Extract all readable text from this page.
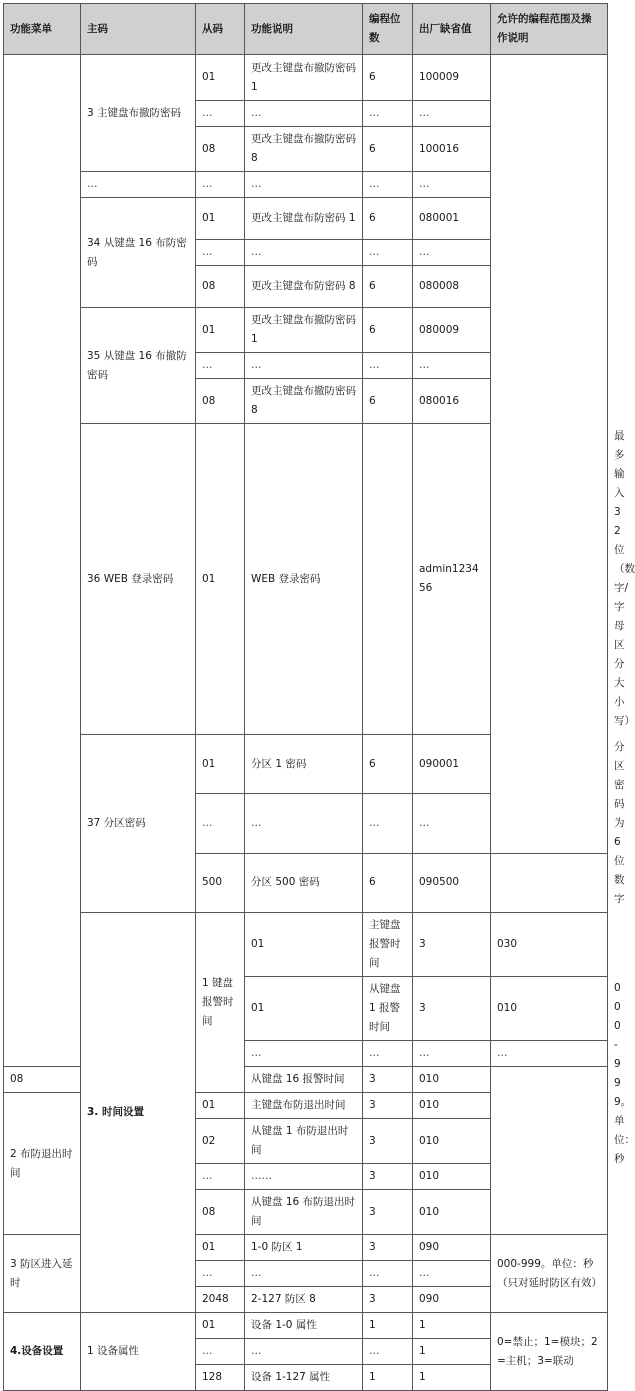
功能菜单	主码	从码	功能说明	编程位数	出厂缺省值	允许的编程范围及操作说明	
	3 主键盘布撤防密码	01	更改主键盘布撤防密码 1	6	100009		
		…	…	…	…		
		08	更改主键盘布撤防密码 8	6	100016		
	…	…	…	…	…		
	34 从键盘 16 布防密码	01	更改主键盘布防密码 1	6	080001		
		…	…	…	…		
		08	更改主键盘布防密码 8	6	080008		
	35 从键盘 16 布撤防密码	01	更改主键盘布撤防密码 1	6	080009		
		…	…	…	…		
		08	更改主键盘布撤防密码 8	6	080016		
	36 WEB 登录密码	01	WEB 登录密码		admin123456		最多输入 32 位（数字/字母区分大小写）
	37 分区密码	01	分区 1 密码	6	090001		分区密码为 6 位数字
		…	…	…	…		
		500	分区 500 密码	6	090500		
	3. 时间设置	1 键盘报警时间	01	主键盘报警时间	3	030	000-999。单位：秒
			01	从键盘 1 报警时间	3	010	
			…	…	…	…	
08			从键盘 16 报警时间	3	010		
2 布防退出时间		01	主键盘布防退出时间	3	010		
		02	从键盘 1 布防退出时间	3	010		
		…	……	3	010		
		08	从键盘 16 布防退出时间	3	010		
3 防区进入延时		01	1-0 防区 1	3	090	000-999。单位：秒（只对延时防区有效）	
		…	…	…	…		
		2048	2-127 防区 8	3	090		
4.设备设置	1 设备属性	01	设备 1-0 属性	1	1	0=禁止；1=模块；2=主机；3=联动	
		…	…	…	1		
		128	设备 1-127 属性	1	1		
